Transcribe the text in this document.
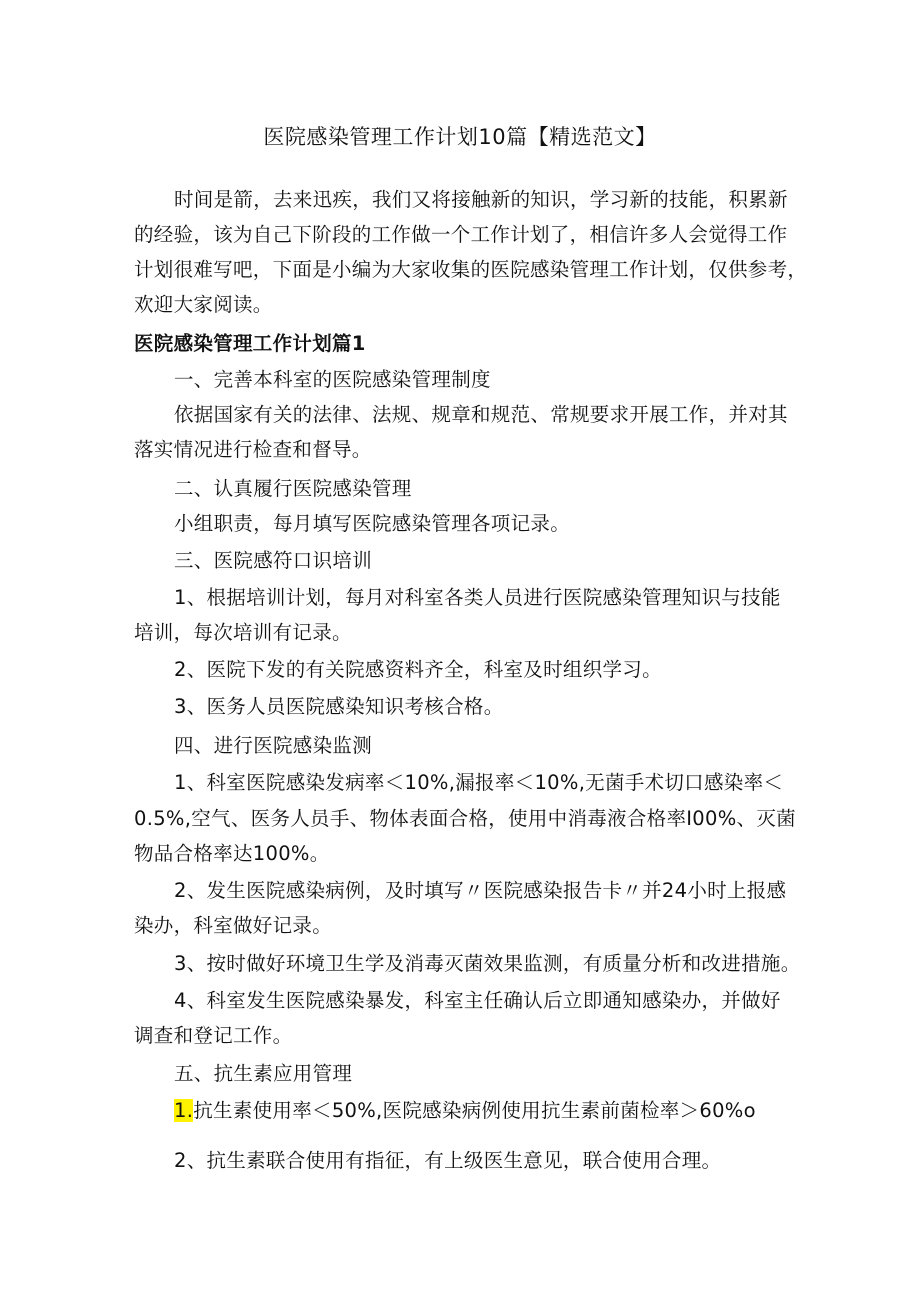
医院感染管理工作计划10篇【精选范文】
时间是箭，去来迅疾，我们又将接触新的知识，学习新的技能，积累新
的经验，该为自己下阶段的工作做一个工作计划了，相信许多人会觉得工作
计划很难写吧，下面是小编为大家收集的医院感染管理工作计划，仅供参考，
欢迎大家阅读。
医院感染管理工作计划篇1
一、完善本科室的医院感染管理制度
依据国家有关的法律、法规、规章和规范、常规要求开展工作，并对其
落实情况进行检查和督导。
二、认真履行医院感染管理
小组职责，每月填写医院感染管理各项记录。
三、医院感符口识培训
1、根据培训计划，每月对科室各类人员进行医院感染管理知识与技能
培训，每次培训有记录。
2、医院下发的有关院感资料齐全，科室及时组织学习。
3、医务人员医院感染知识考核合格。
四、进行医院感染监测
1、科室医院感染发病率＜10%,漏报率＜10%,无菌手术切口感染率＜
0.5%,空气、医务人员手、物体表面合格，使用中消毒液合格率I00%、灭菌
物品合格率达100%。
2、发生医院感染病例，及时填写〃医院感染报告卡〃并24小时上报感
染办，科室做好记录。
3、按时做好环境卫生学及消毒灭菌效果监测，有质量分析和改进措施。
4、科室发生医院感染暴发，科室主任确认后立即通知感染办，并做好
调查和登记工作。
五、抗生素应用管理
1.抗生素使用率＜50%,医院感染病例使用抗生素前菌检率＞60%o
2、抗生素联合使用有指征，有上级医生意见，联合使用合理。
